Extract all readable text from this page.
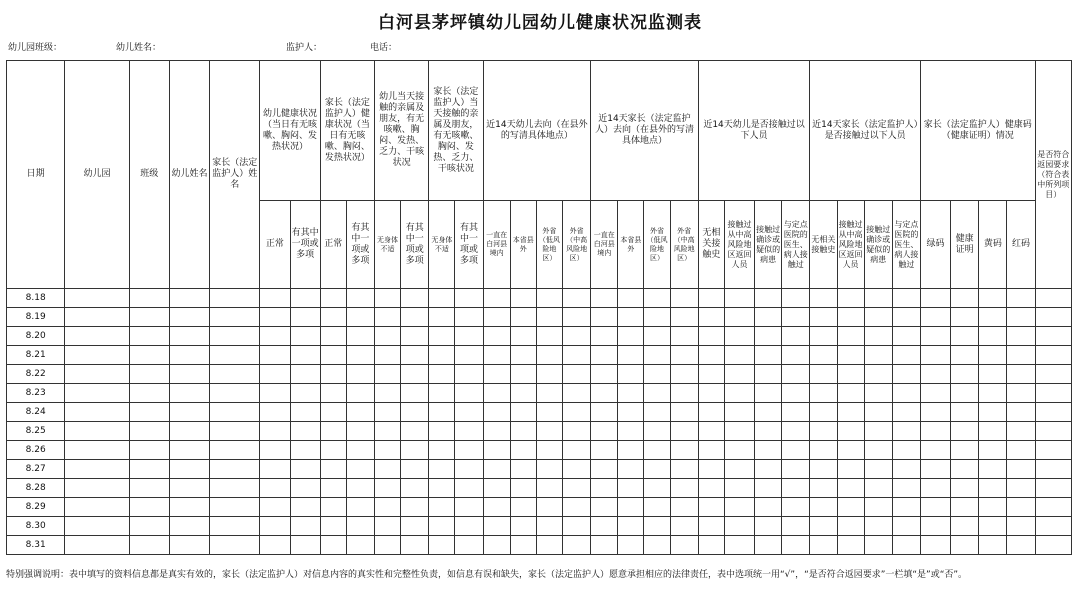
白河县茅坪镇幼儿园幼儿健康状况监测表
幼儿园班级：	幼儿姓名：	监护人：	电话：
日期	幼儿园	班级	幼儿姓名	家长（法定监护人）姓名	幼儿健康状况（当日有无咳嗽、胸闷、发热状况）		家长（法定监护人）健康状况（当日有无咳嗽、胸闷、发热状况）		幼儿当天接触的亲属及朋友，有无咳嗽、胸闷、发热、乏力、干咳状况		家长（法定监护人）当天接触的亲属及朋友，有无咳嗽、胸闷、发热、乏力、干咳状况		近14天幼儿去向（在县外的写清具体地点）				近14天家长（法定监护人）去向（在县外的写清具体地点）				近14天幼儿是否接触过以下人员				近14天家长（法定监护人）是否接触过以下人员				家长（法定监护人）健康码（健康证明）情况				是否符合返园要求（符合表中所列项目）
					正常	有其中一项或多项	正常	有其中一项或多项	无身体不适	有其中一项或多项	无身体不适	有其中一项或多项	一直在白河县境内	本省县外	外省（低风险地区）	外省（中高风险地区）	一直在白河县境内	本省县外	外省（低风险地区）	外省（中高风险地区）	无相关接触史	接触过从中高风险地区返回人员	接触过确诊或疑似的病患	与定点医院的医生、病人接触过	无相关接触史	接触过从中高风险地区返回人员	接触过确诊或疑似的病患	与定点医院的医生、病人接触过	绿码	健康证明	黄码	红码	
8.18																																	
8.19																																	
8.20																																	
8.21																																	
8.22																																	
8.23																																	
8.24																																	
8.25																																	
8.26																																	
8.27																																	
8.28																																	
8.29																																	
8.30																																	
8.31																																	
特别强调说明：表中填写的资料信息都是真实有效的，家长（法定监护人）对信息内容的真实性和完整性负责，如信息有误和缺失，家长（法定监护人）愿意承担相应的法律责任，表中选项统一用“√”，“是否符合返园要求”一栏填“是”或“否”。
